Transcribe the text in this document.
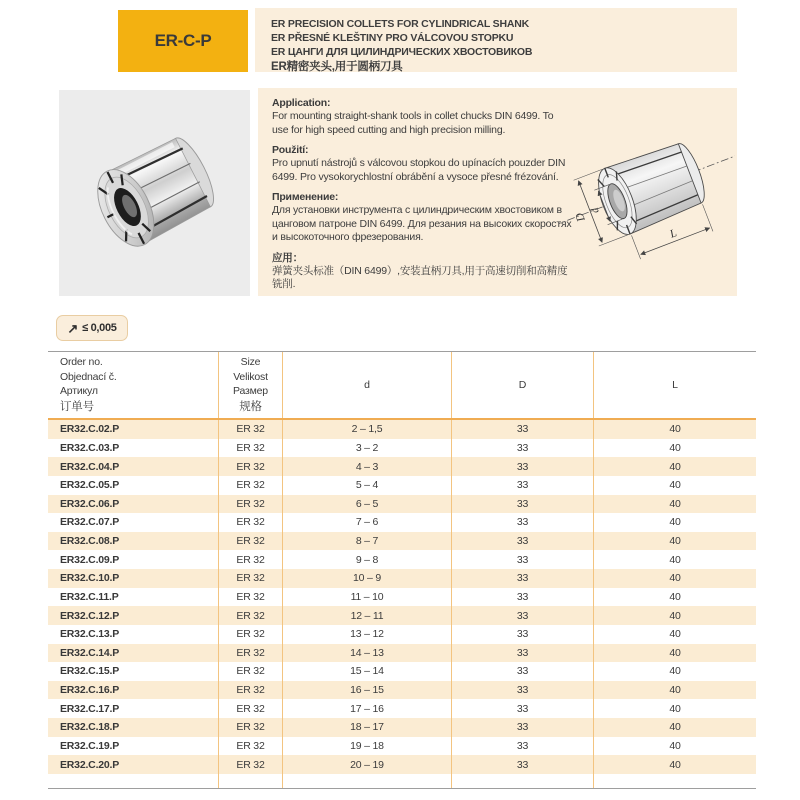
ER-C-P
ER PRECISION COLLETS FOR CYLINDRICAL SHANK
ER PŘESNÉ KLEŠTINY PRO VÁLCOVOU STOPKU
ER ЦАНГИ ДЛЯ ЦИЛИНДРИЧЕСКИХ ХВОСТОВИКОВ
ER精密夹头,用于圆柄刀具
Application:
For mounting straight-shank tools in collet chucks DIN 6499. To use for high speed cutting and high precision milling.
Použití:
Pro upnutí nástrojů s válcovou stopkou do upínacích pouzder DIN 6499. Pro vysokorychlostní obrábění a vysoce přesné frézování.
Применение:
Для установки инструмента с цилиндрическим хвостовиком в цанговом патроне DIN 6499. Для резания на высоких скоростях и высокоточного фрезерования.
应用：
弹簧夹头标准（DIN 6499）,安装直柄刀具,用于高速切削和高精度铣削.
D
d
L
↗ ≤ 0,005
Order no.
Objednací č.
Артикул
订单号
Size
Velikost
Размер
规格
d	D	L
ER32.C.02.P	ER 32	2 – 1,5	33	40
ER32.C.03.P	ER 32	3 – 2	33	40
ER32.C.04.P	ER 32	4 – 3	33	40
ER32.C.05.P	ER 32	5 – 4	33	40
ER32.C.06.P	ER 32	6 – 5	33	40
ER32.C.07.P	ER 32	7 – 6	33	40
ER32.C.08.P	ER 32	8 – 7	33	40
ER32.C.09.P	ER 32	9 – 8	33	40
ER32.C.10.P	ER 32	10 – 9	33	40
ER32.C.11.P	ER 32	11 – 10	33	40
ER32.C.12.P	ER 32	12 – 11	33	40
ER32.C.13.P	ER 32	13 – 12	33	40
ER32.C.14.P	ER 32	14 – 13	33	40
ER32.C.15.P	ER 32	15 – 14	33	40
ER32.C.16.P	ER 32	16 – 15	33	40
ER32.C.17.P	ER 32	17 – 16	33	40
ER32.C.18.P	ER 32	18 – 17	33	40
ER32.C.19.P	ER 32	19 – 18	33	40
ER32.C.20.P	ER 32	20 – 19	33	40
